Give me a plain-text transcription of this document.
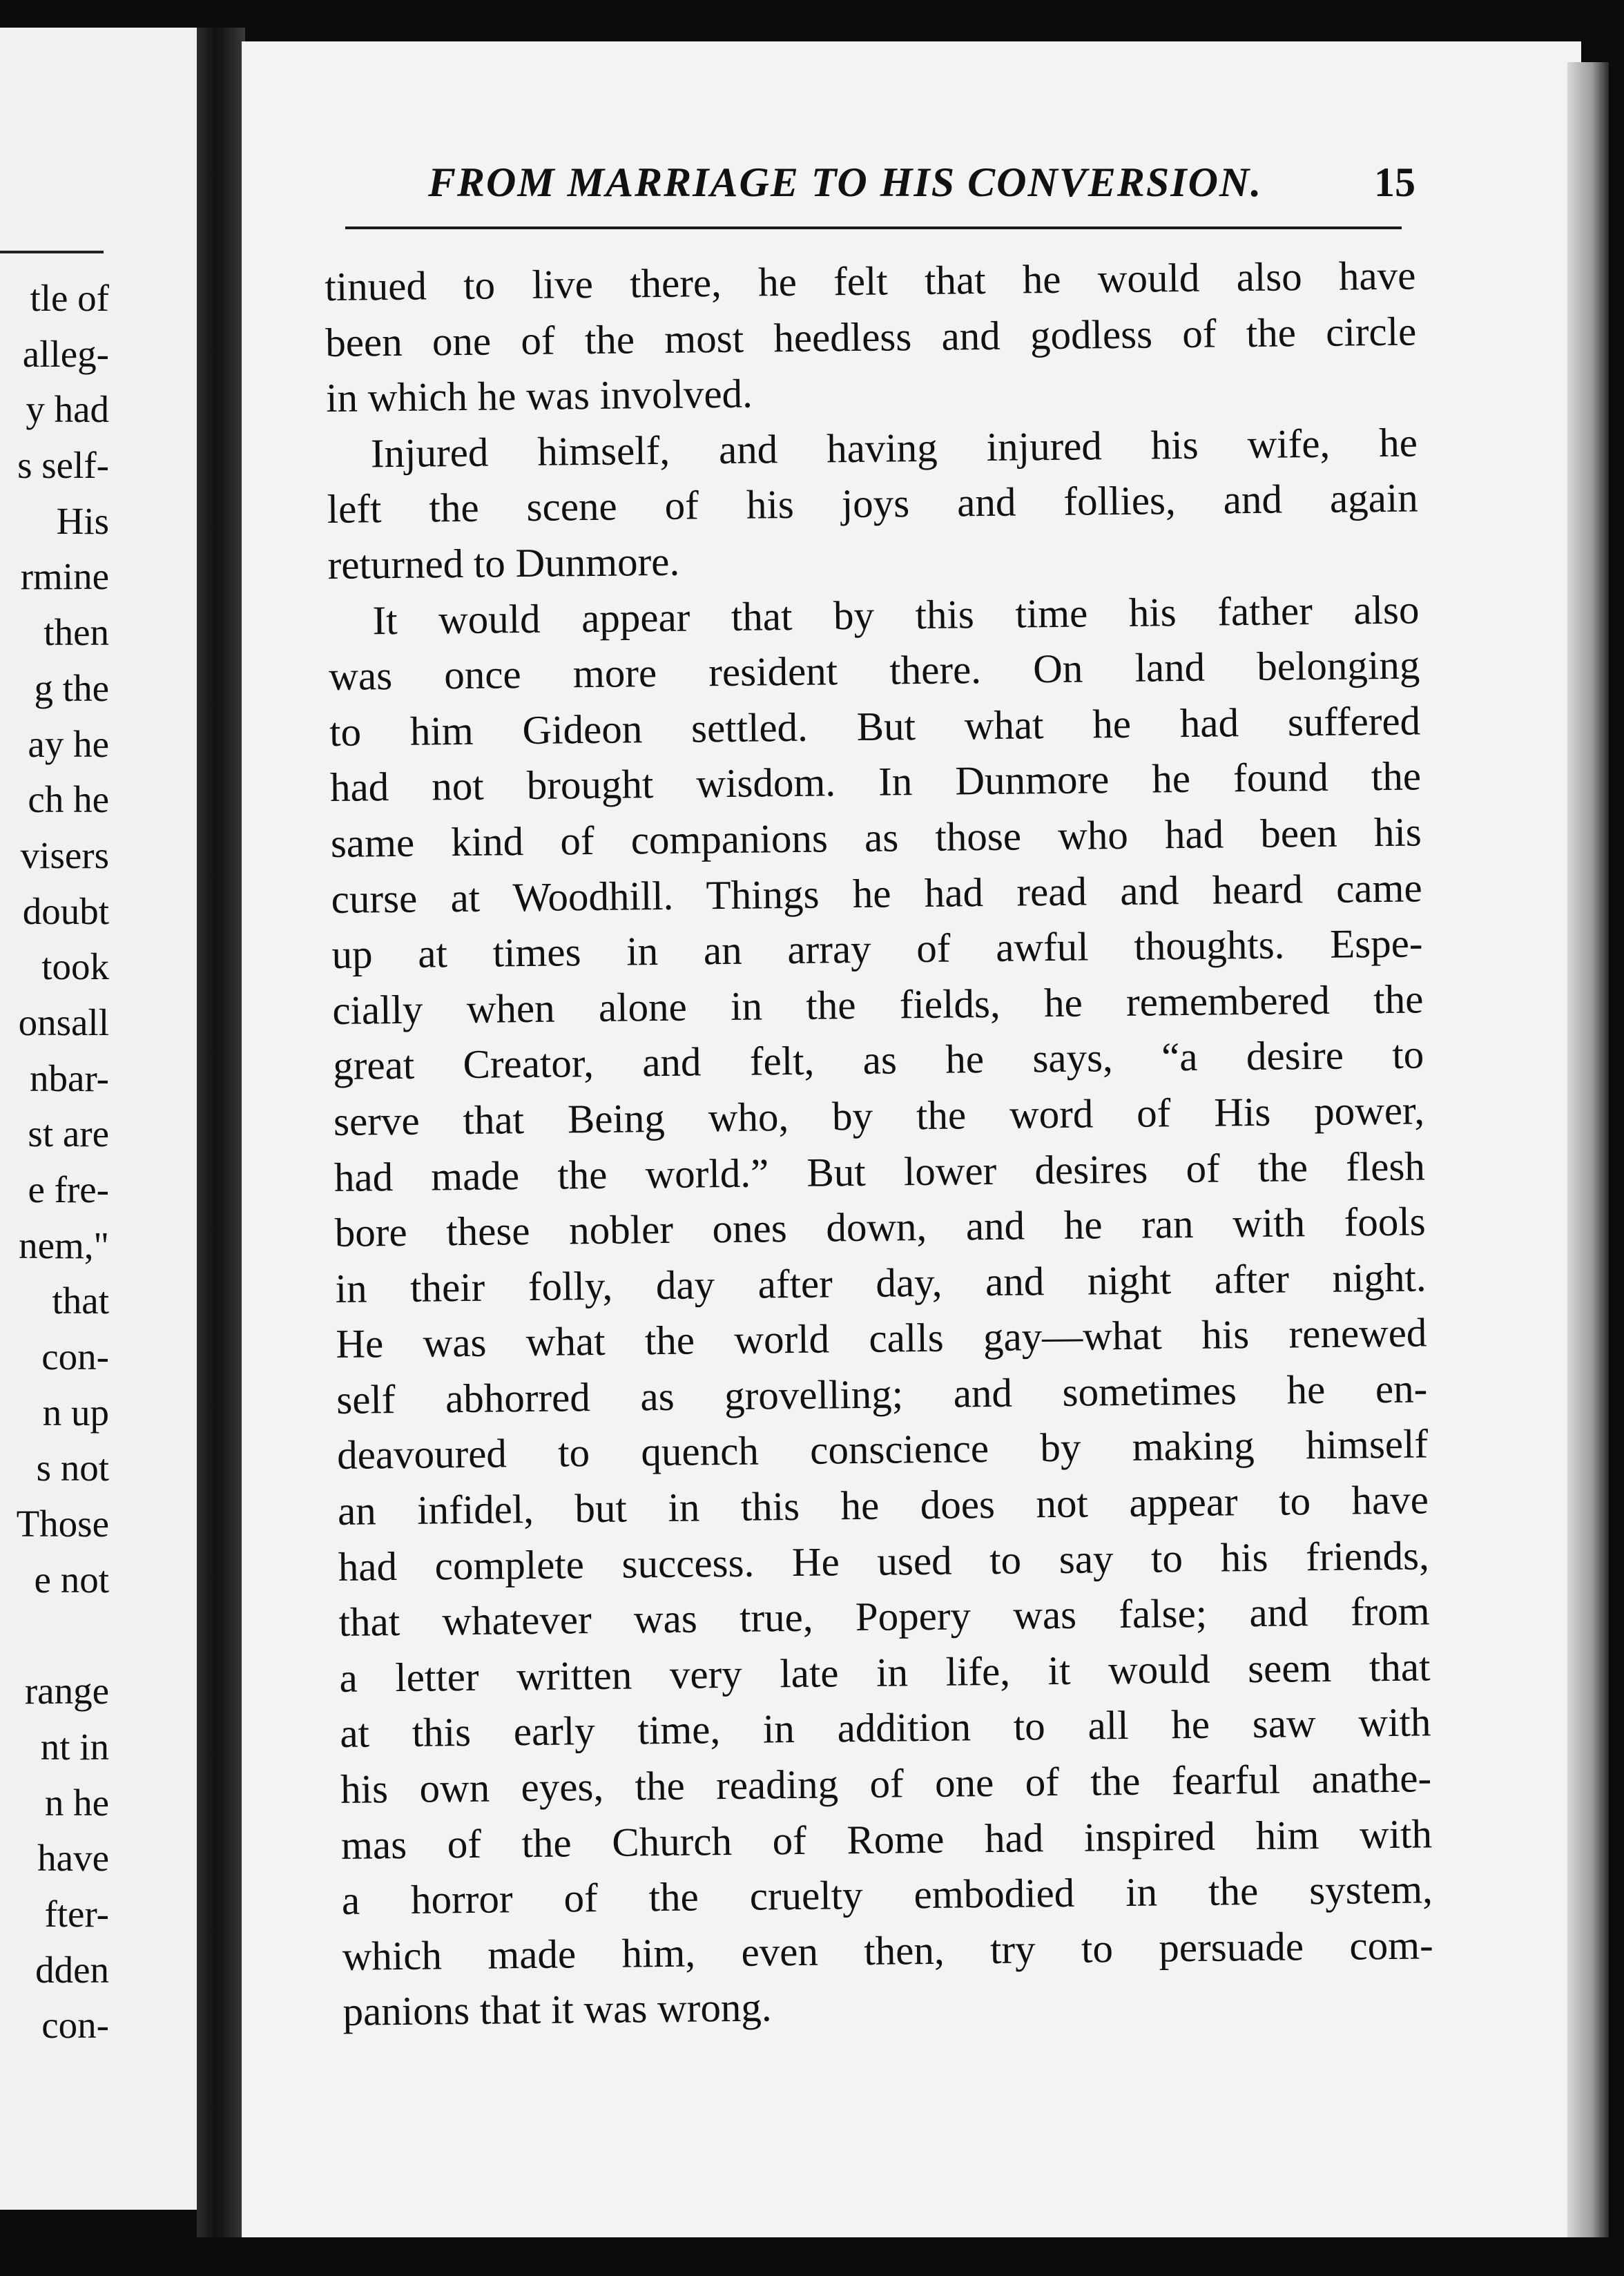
tle of
alleg-
y had
s self-
His
rmine
then
g the
ay he
ch he
visers
doubt
took
onsall
nbar-
st are
e fre-
nem,"
that
con-
n up
s not
Those
e not
range
nt in
n he
have
fter-
dden
con-
FROM MARRIAGE TO HIS CONVERSION.	15
tinued to live there, he felt that he would also have
been one of the most heedless and godless of the circle
in which he was involved.
Injured himself, and having injured his wife, he
left the scene of his joys and follies, and again
returned to Dunmore.
It would appear that by this time his father also
was once more resident there. On land belonging
to him Gideon settled. But what he had suffered
had not brought wisdom. In Dunmore he found the
same kind of companions as those who had been his
curse at Woodhill. Things he had read and heard came
up at times in an array of awful thoughts. Espe-
cially when alone in the fields, he remembered the
great Creator, and felt, as he says, “a desire to
serve that Being who, by the word of His power,
had made the world.” But lower desires of the flesh
bore these nobler ones down, and he ran with fools
in their folly, day after day, and night after night.
He was what the world calls gay—what his renewed
self abhorred as grovelling; and sometimes he en-
deavoured to quench conscience by making himself
an infidel, but in this he does not appear to have
had complete success. He used to say to his friends,
that whatever was true, Popery was false; and from
a letter written very late in life, it would seem that
at this early time, in addition to all he saw with
his own eyes, the reading of one of the fearful anathe-
mas of the Church of Rome had inspired him with
a horror of the cruelty embodied in the system,
which made him, even then, try to persuade com-
panions that it was wrong.
